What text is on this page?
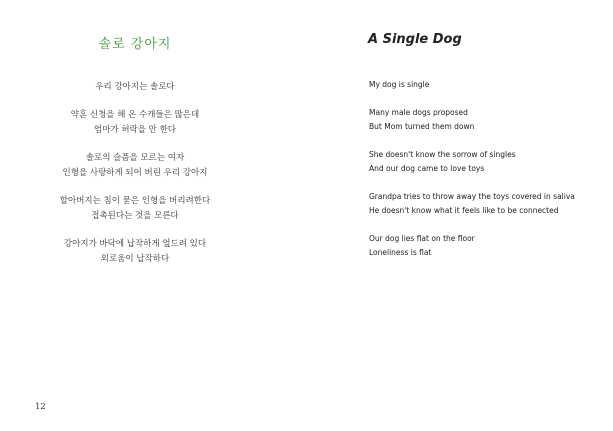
솔로 강아지
우리 강아지는 솔로다
약혼 신청을 해 온 수캐들은 많은데
엄마가 허락을 안 한다
솔로의 슬픔을 모르는 여자
인형을 사랑하게 되어 버린 우리 강아지
할아버지는 침이 묻은 인형을 버리려한다
접촉된다는 것을 모른다
강아지가 바닥에 납작하게 엎드려 있다
외로움이 납작하다
12
A Single Dog
My dog is single
Many male dogs proposed
But Mom turned them down
She doesn't know the sorrow of singles
And our dog came to love toys
Grandpa tries to throw away the toys covered in saliva
He doesn't know what it feels like to be connected
Our dog lies flat on the floor
Loneliness is flat
